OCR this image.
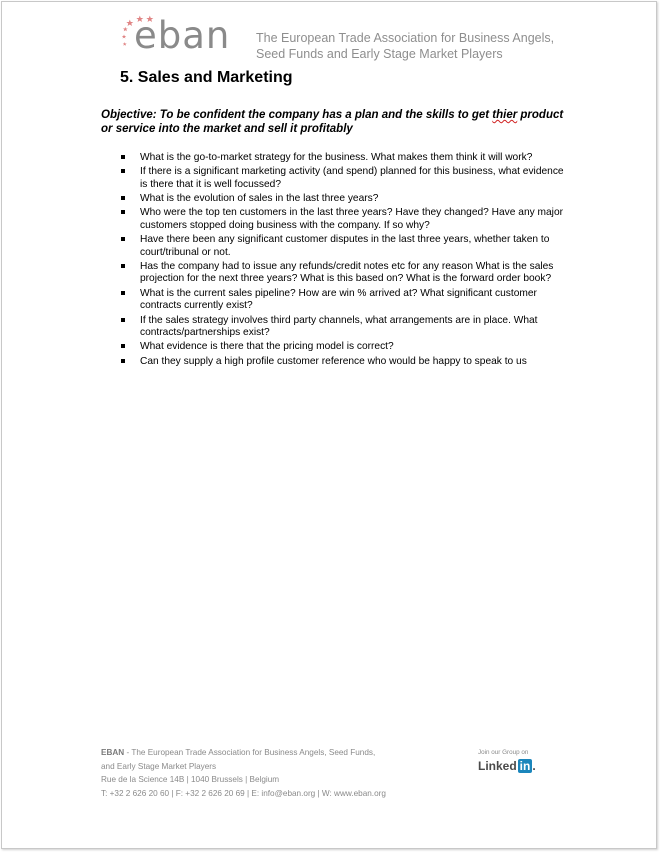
eban The European Trade Association for Business Angels,
Seed Funds and Early Stage Market Players
5. Sales and Marketing
Objective: To be confident the company has a plan and the skills to get thier product or service into the market and sell it profitably
What is the go-to-market strategy for the business. What makes them think it will work?
If there is a significant marketing activity (and spend) planned for this business, what evidence is there that it is well focussed?
What is the evolution of sales in the last three years?
Who were the top ten customers in the last three years? Have they changed? Have any major customers stopped doing business with the company. If so why?
Have there been any significant customer disputes in the last three years, whether taken to court/tribunal or not.
Has the company had to issue any refunds/credit notes etc for any reason What is the sales projection for the next three years? What is this based on? What is the forward order book?
What is the current sales pipeline? How are win % arrived at? What significant customer contracts currently exist?
If the sales strategy involves third party channels, what arrangements are in place. What contracts/partnerships exist?
What evidence is there that the pricing model is correct?
Can they supply a high profile customer reference who would be happy to speak to us
EBAN - The European Trade Association for Business Angels, Seed Funds,
and Early Stage Market Players
Rue de la Science 14B | 1040 Brussels | Belgium
T: +32 2 626 20 60 | F: +32 2 626 20 69 | E: info@eban.org | W: www.eban.org
Join our Group on
Linked in .
